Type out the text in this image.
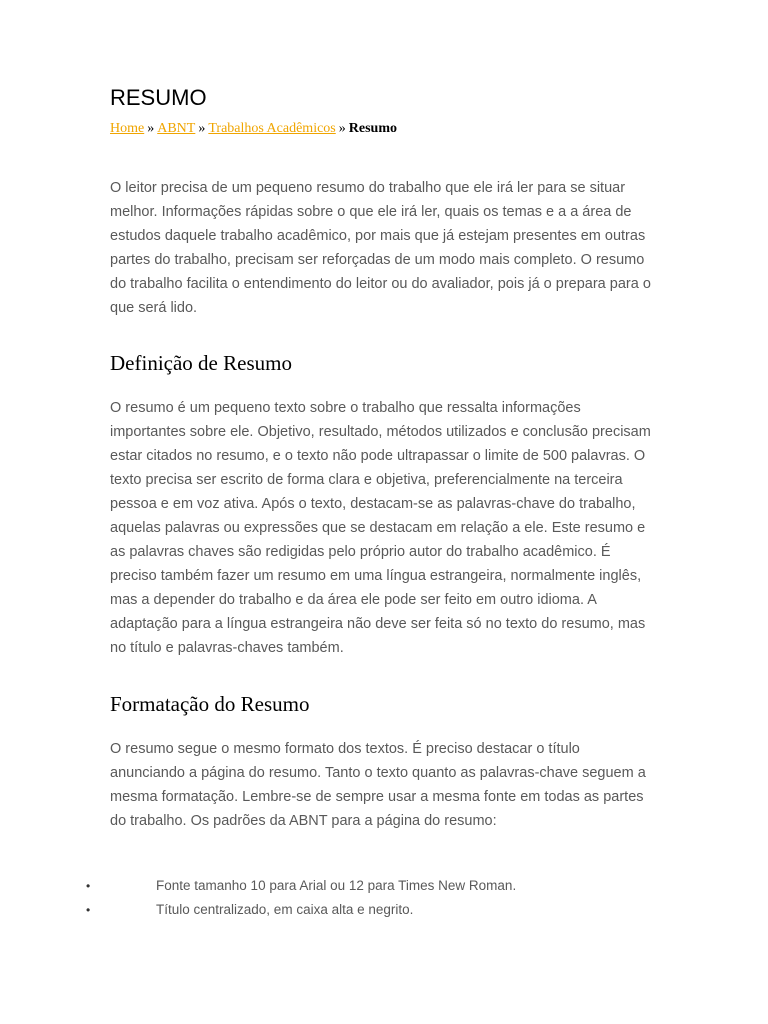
RESUMO
Home » ABNT » Trabalhos Acadêmicos » Resumo

O leitor precisa de um pequeno resumo do trabalho que ele irá ler para se situar melhor. Informações rápidas sobre o que ele irá ler, quais os temas e a a área de estudos daquele trabalho acadêmico, por mais que já estejam presentes em outras partes do trabalho, precisam ser reforçadas de um modo mais completo. O resumo do trabalho facilita o entendimento do leitor ou do avaliador, pois já o prepara para o que será lido.

Definição de Resumo

O resumo é um pequeno texto sobre o trabalho que ressalta informações importantes sobre ele. Objetivo, resultado, métodos utilizados e conclusão precisam estar citados no resumo, e o texto não pode ultrapassar o limite de 500 palavras. O texto precisa ser escrito de forma clara e objetiva, preferencialmente na terceira pessoa e em voz ativa. Após o texto, destacam-se as palavras-chave do trabalho, aquelas palavras ou expressões que se destacam em relação a ele. Este resumo e as palavras chaves são redigidas pelo próprio autor do trabalho acadêmico. É preciso também fazer um resumo em uma língua estrangeira, normalmente inglês, mas a depender do trabalho e da área ele pode ser feito em outro idioma. A adaptação para a língua estrangeira não deve ser feita só no texto do resumo, mas no título e palavras-chaves também.

Formatação do Resumo

O resumo segue o mesmo formato dos textos. É preciso destacar o título anunciando a página do resumo. Tanto o texto quanto as palavras-chave seguem a mesma formatação. Lembre-se de sempre usar a mesma fonte em todas as partes do trabalho. Os padrões da ABNT para a página do resumo:

•	Fonte tamanho 10 para Arial ou 12 para Times New Roman.
•	Título centralizado, em caixa alta e negrito.
